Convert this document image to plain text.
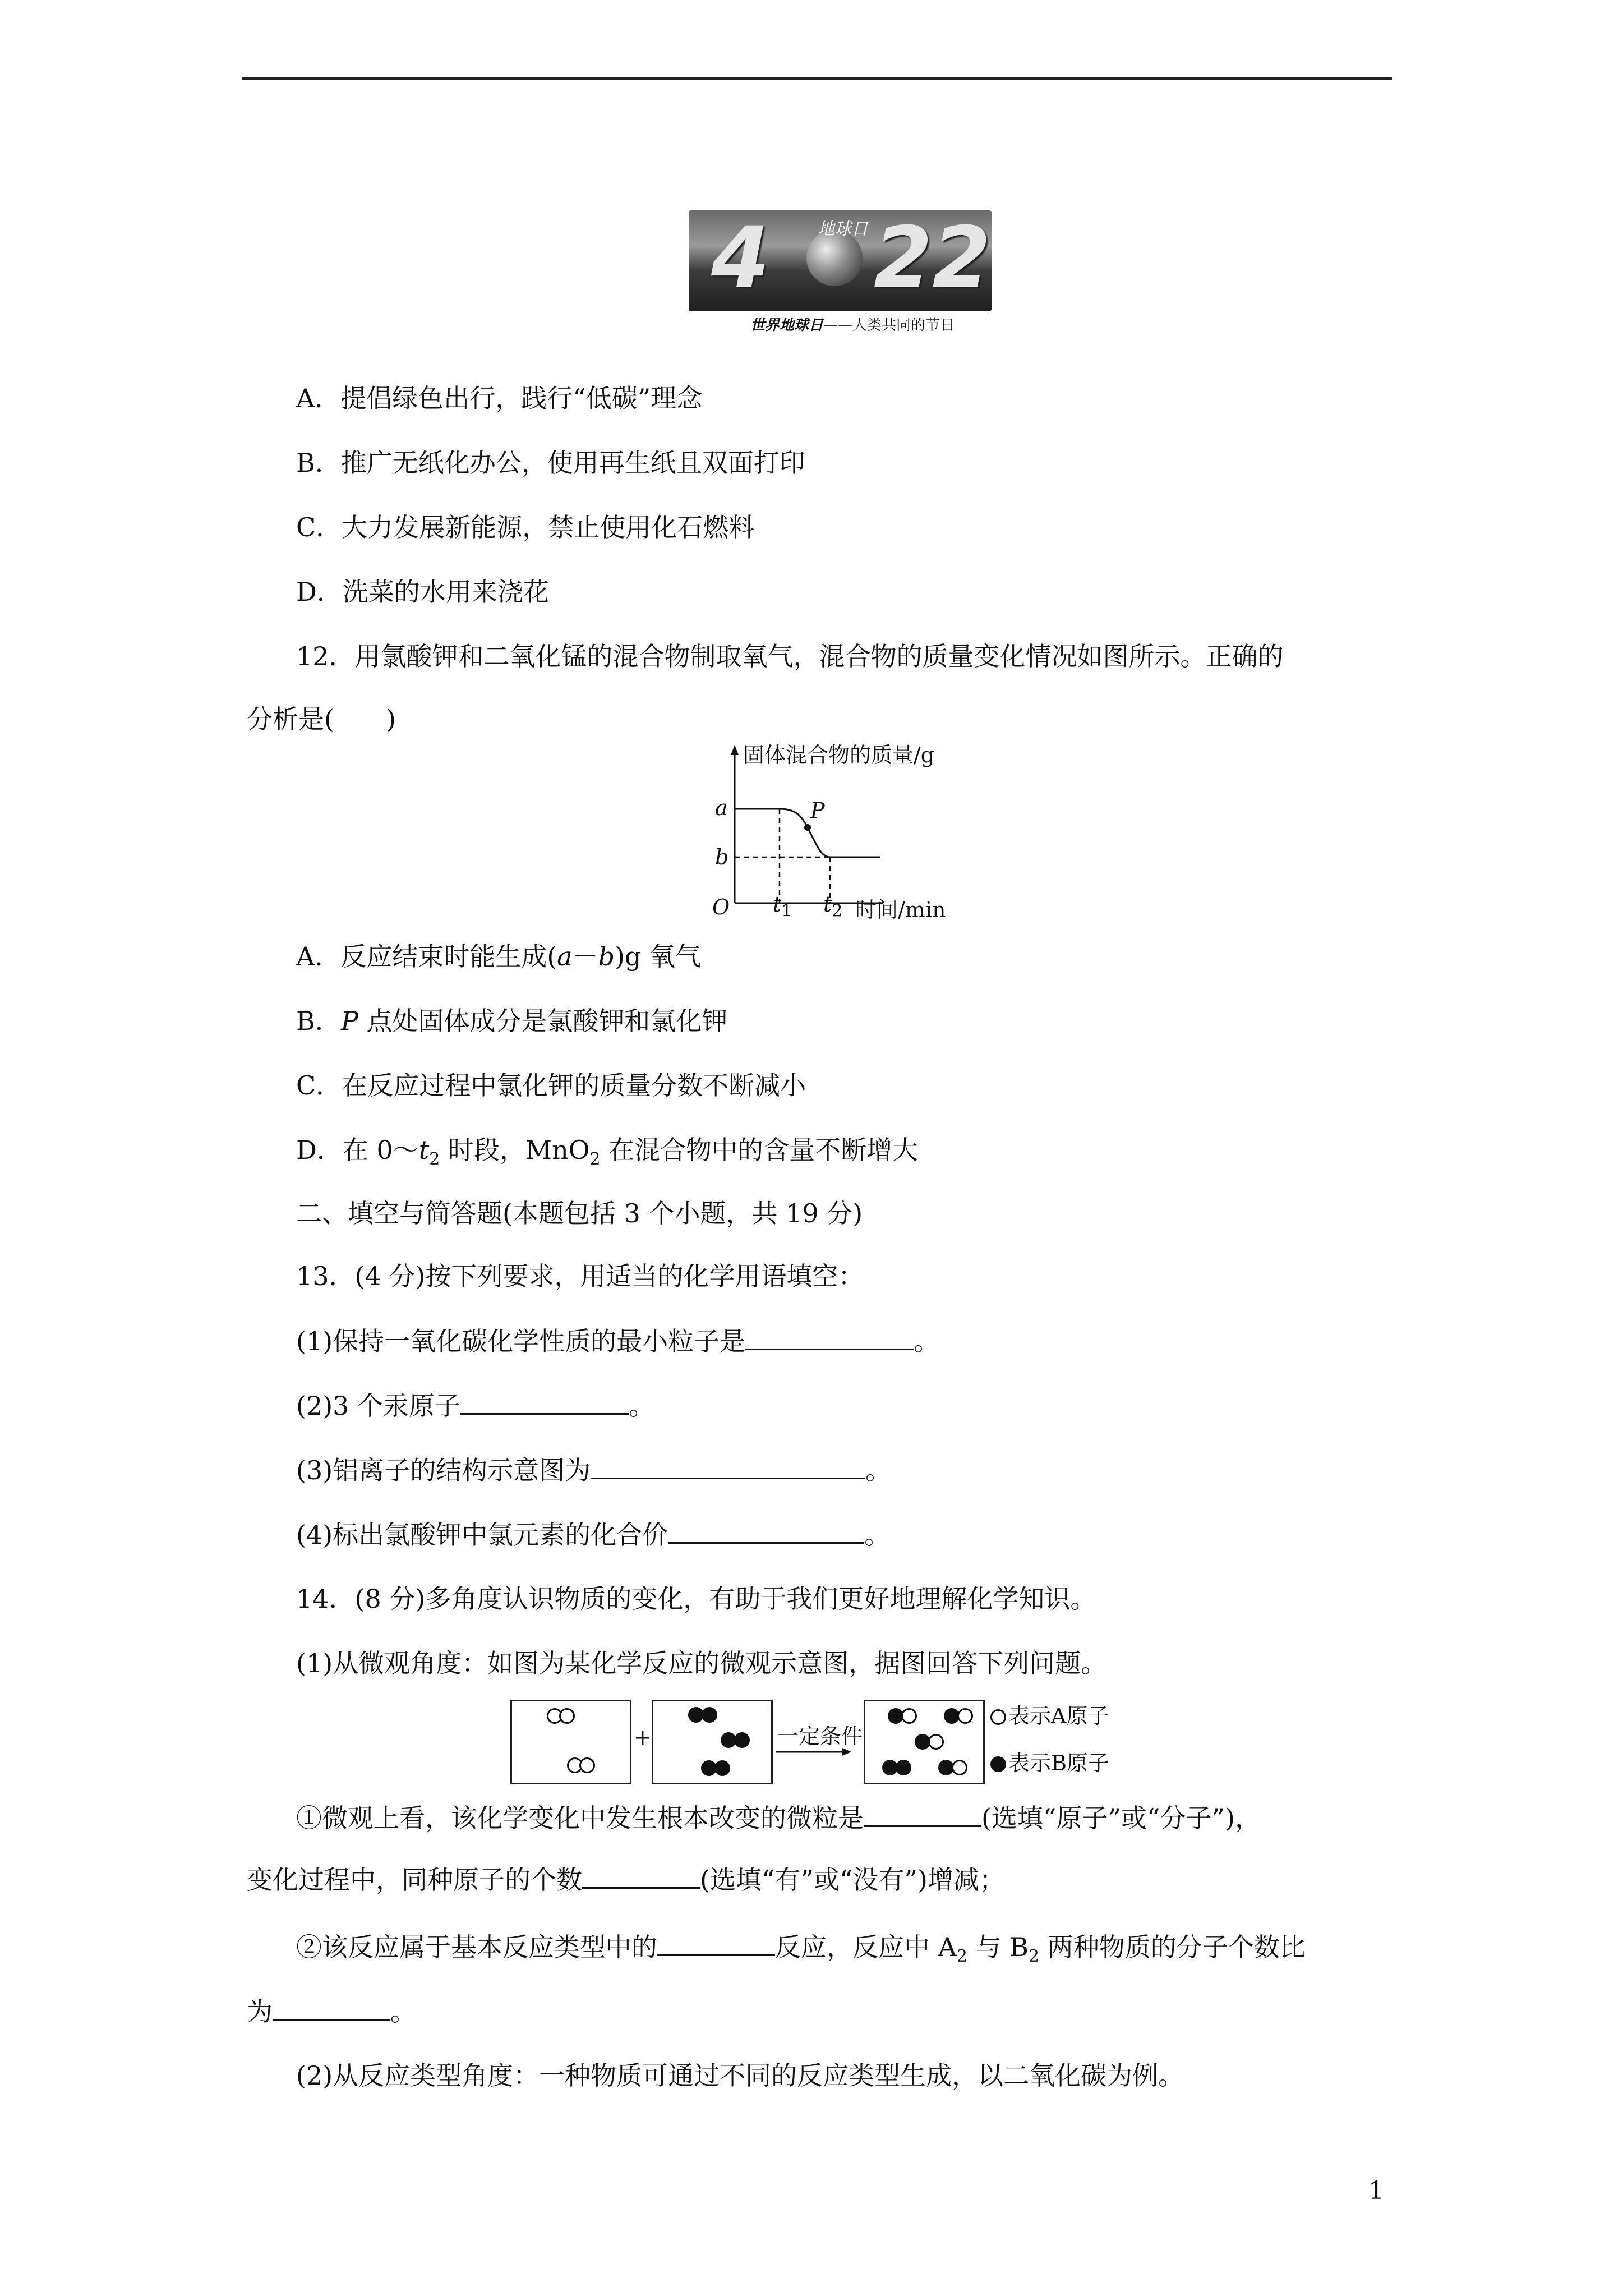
4 22
地球日
世界地球日——人类共同的节日
A．提倡绿色出行，践行“低碳”理念
B．推广无纸化办公，使用再生纸且双面打印
C．大力发展新能源，禁止使用化石燃料
D．洗菜的水用来浇花
12．用氯酸钾和二氧化锰的混合物制取氧气，混合物的质量变化情况如图所示。正确的
分析是(　　)
固体混合物的质量/g
a
b
P
O $t_1$ $t_2$ 时间/min
A．反应结束时能生成(a－b)g 氧气
B．P 点处固体成分是氯酸钾和氯化钾
C．在反应过程中氯化钾的质量分数不断减小
D．在 $0\sim t_2$ 时段，MnO$_2$ 在混合物中的含量不断增大
二、填空与简答题(本题包括 3 个小题，共 19 分)
13．(4 分)按下列要求，用适当的化学用语填空：
(1)保持一氧化碳化学性质的最小粒子是	。
(2)3 个汞原子	。
(3)铝离子的结构示意图为	。
(4)标出氯酸钾中氯元素的化合价	。
14．(8 分)多角度认识物质的变化，有助于我们更好地理解化学知识。
(1)从微观角度：如图为某化学反应的微观示意图，据图回答下列问题。
+	一定条件
表示A原子
表示B原子
①微观上看，该化学变化中发生根本改变的微粒是	(选填“原子”或“分子”)，
变化过程中，同种原子的个数	(选填“有”或“没有”)增减；
②该反应属于基本反应类型中的	反应，反应中 $A_2$ 与 $B_2$ 两种物质的分子个数比
为	。
(2)从反应类型角度：一种物质可通过不同的反应类型生成，以二氧化碳为例。
1
